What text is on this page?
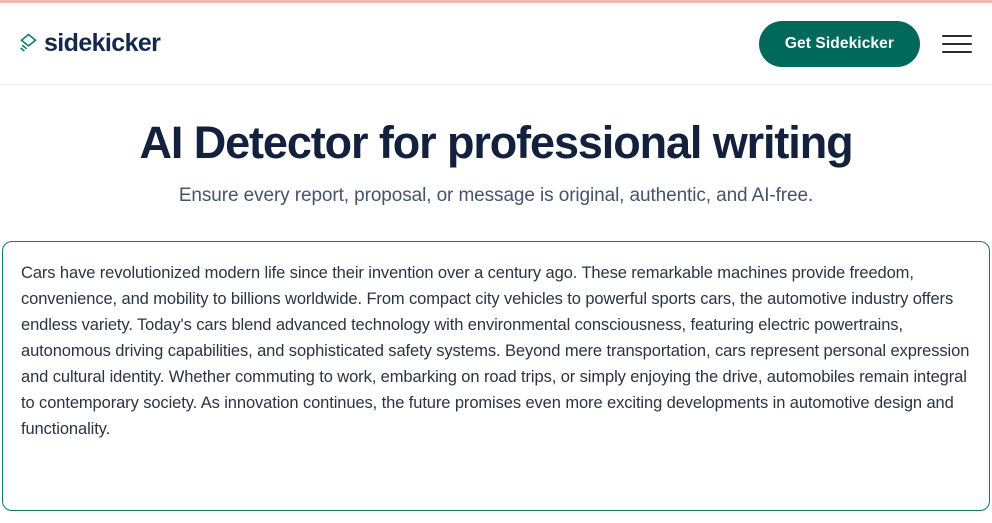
sidekicker	Get Sidekicker
AI Detector for professional writing

Ensure every report, proposal, or message is original, authentic, and AI-free.

Cars have revolutionized modern life since their invention over a century ago. These remarkable machines provide freedom, convenience, and mobility to billions worldwide. From compact city vehicles to powerful sports cars, the automotive industry offers endless variety. Today's cars blend advanced technology with environmental consciousness, featuring electric powertrains, autonomous driving capabilities, and sophisticated safety systems. Beyond mere transportation, cars represent personal expression and cultural identity. Whether commuting to work, embarking on road trips, or simply enjoying the drive, automobiles remain integral to contemporary society. As innovation continues, the future promises even more exciting developments in automotive design and functionality.
